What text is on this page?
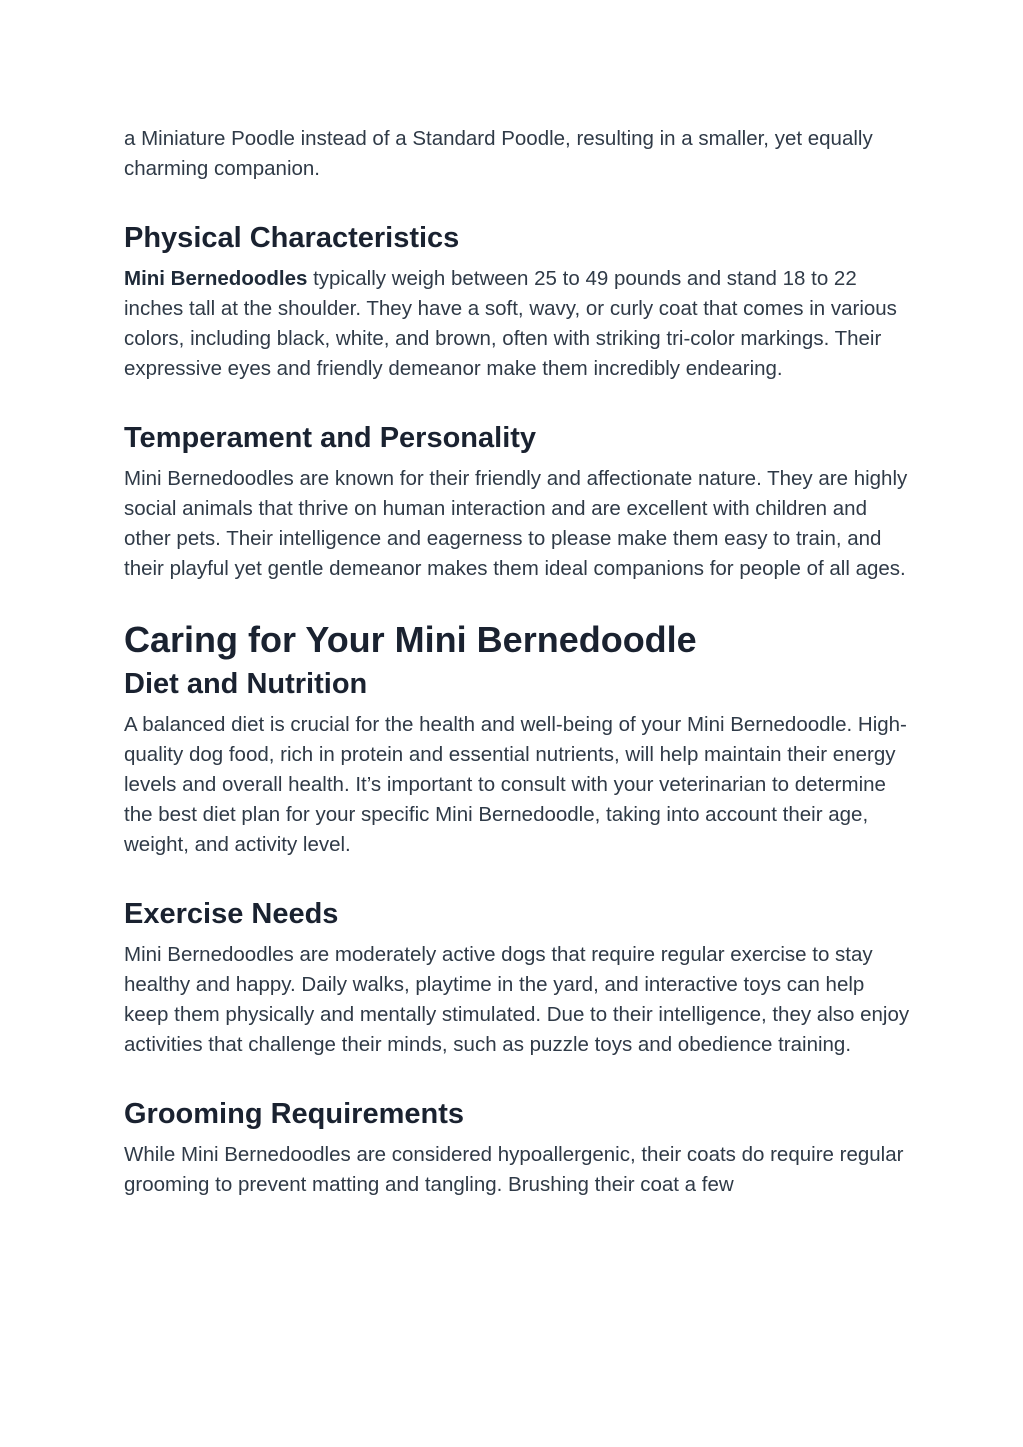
a Miniature Poodle instead of a Standard Poodle, resulting in a smaller, yet equally charming companion.

Physical Characteristics

Mini Bernedoodles typically weigh between 25 to 49 pounds and stand 18 to 22 inches tall at the shoulder. They have a soft, wavy, or curly coat that comes in various colors, including black, white, and brown, often with striking tri-color markings. Their expressive eyes and friendly demeanor make them incredibly endearing.

Temperament and Personality

Mini Bernedoodles are known for their friendly and affectionate nature. They are highly social animals that thrive on human interaction and are excellent with children and other pets. Their intelligence and eagerness to please make them easy to train, and their playful yet gentle demeanor makes them ideal companions for people of all ages.

Caring for Your Mini Bernedoodle
Diet and Nutrition

A balanced diet is crucial for the health and well-being of your Mini Bernedoodle. High-quality dog food, rich in protein and essential nutrients, will help maintain their energy levels and overall health. It’s important to consult with your veterinarian to determine the best diet plan for your specific Mini Bernedoodle, taking into account their age, weight, and activity level.

Exercise Needs

Mini Bernedoodles are moderately active dogs that require regular exercise to stay healthy and happy. Daily walks, playtime in the yard, and interactive toys can help keep them physically and mentally stimulated. Due to their intelligence, they also enjoy activities that challenge their minds, such as puzzle toys and obedience training.

Grooming Requirements

While Mini Bernedoodles are considered hypoallergenic, their coats do require regular grooming to prevent matting and tangling. Brushing their coat a few
